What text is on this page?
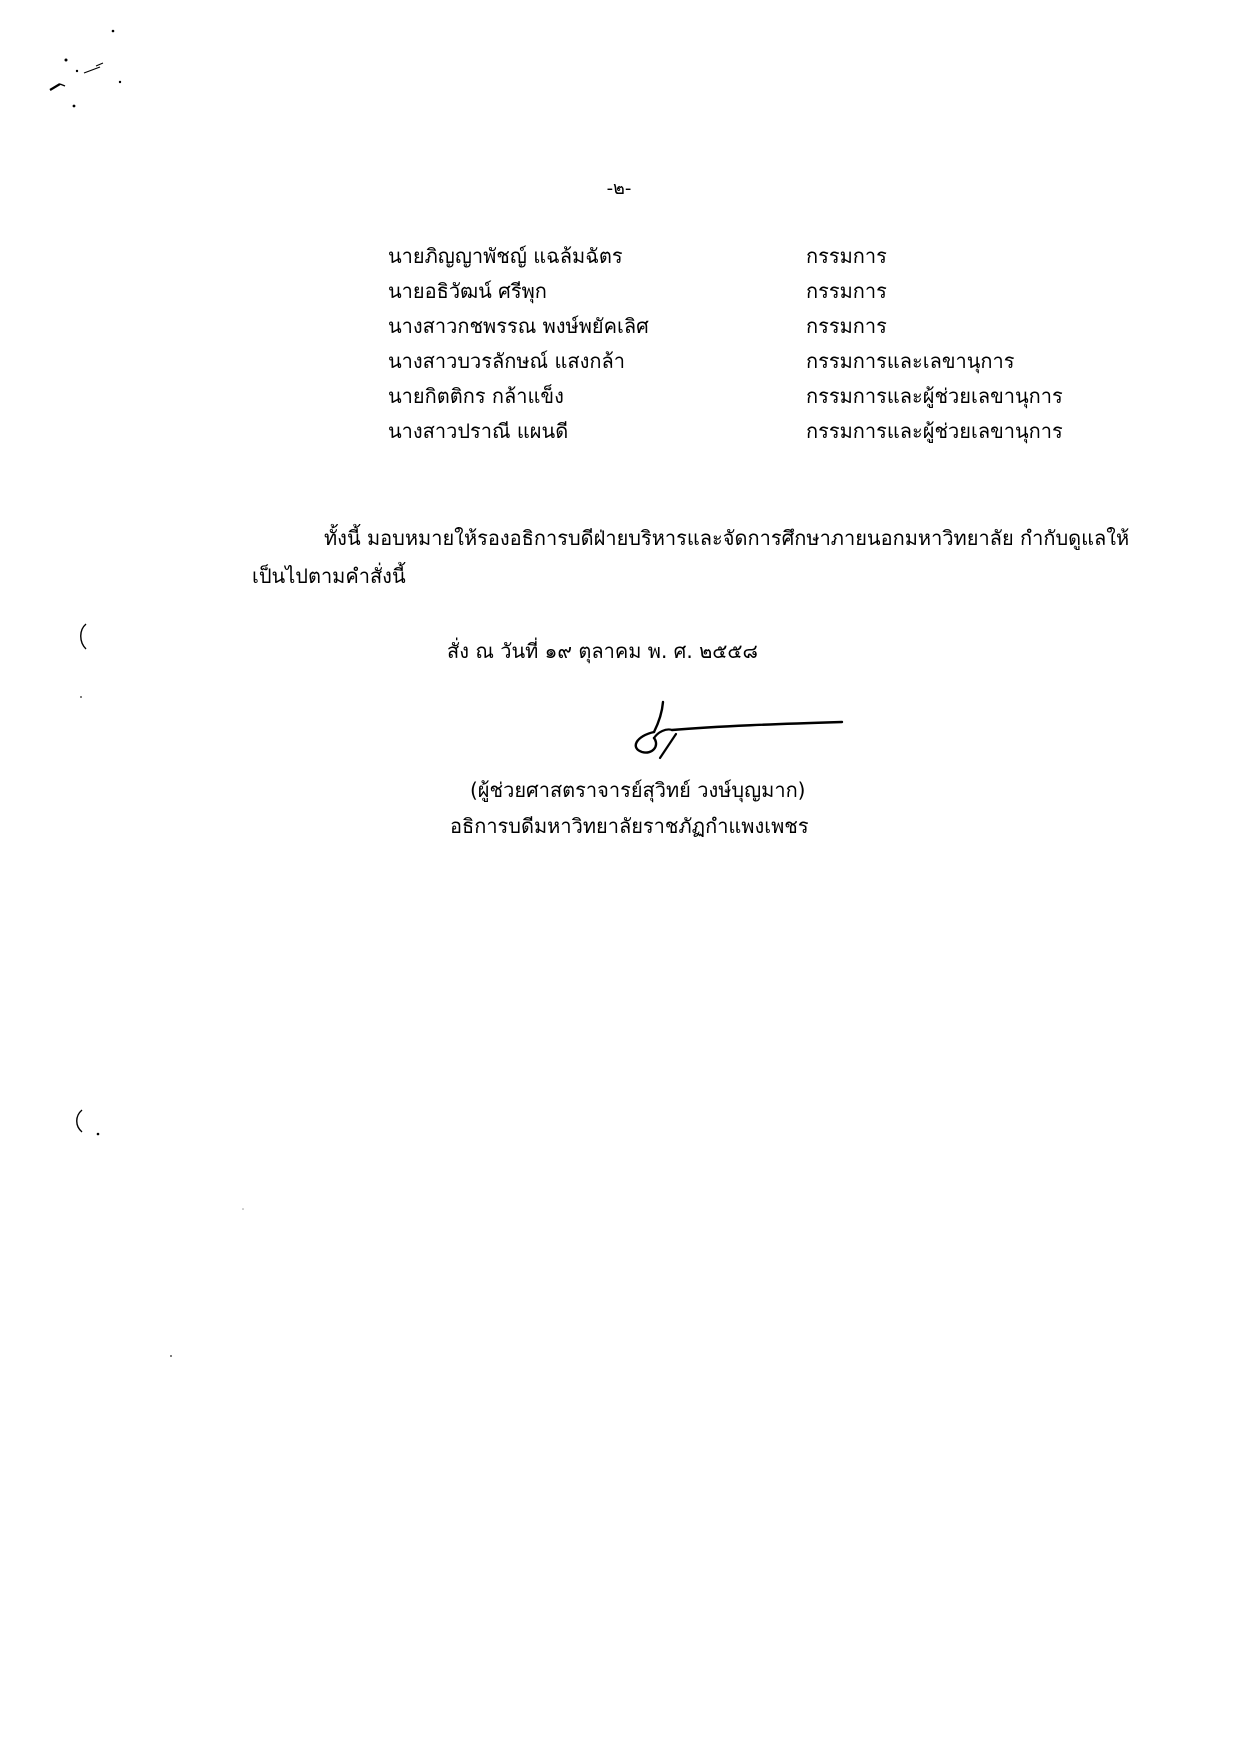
-๒-
นายภิญญาพัชญ์ แฉล้มฉัตร	กรรมการ
นายอธิวัฒน์ ศรีพุก	กรรมการ
นางสาวกชพรรณ พงษ์พยัคเลิศ	กรรมการ
นางสาวบวรลักษณ์ แสงกล้า	กรรมการและเลขานุการ
นายกิตติกร กล้าแข็ง	กรรมการและผู้ช่วยเลขานุการ
นางสาวปราณี แผนดี	กรรมการและผู้ช่วยเลขานุการ
ทั้งนี้ มอบหมายให้รองอธิการบดีฝ่ายบริหารและจัดการศึกษาภายนอกมหาวิทยาลัย กำกับดูแลให้
เป็นไปตามคำสั่งนี้
สั่ง ณ วันที่ ๑๙ ตุลาคม พ. ศ. ๒๕๕๘
(ผู้ช่วยศาสตราจารย์สุวิทย์ วงษ์บุญมาก)
อธิการบดีมหาวิทยาลัยราชภัฏกำแพงเพชร
